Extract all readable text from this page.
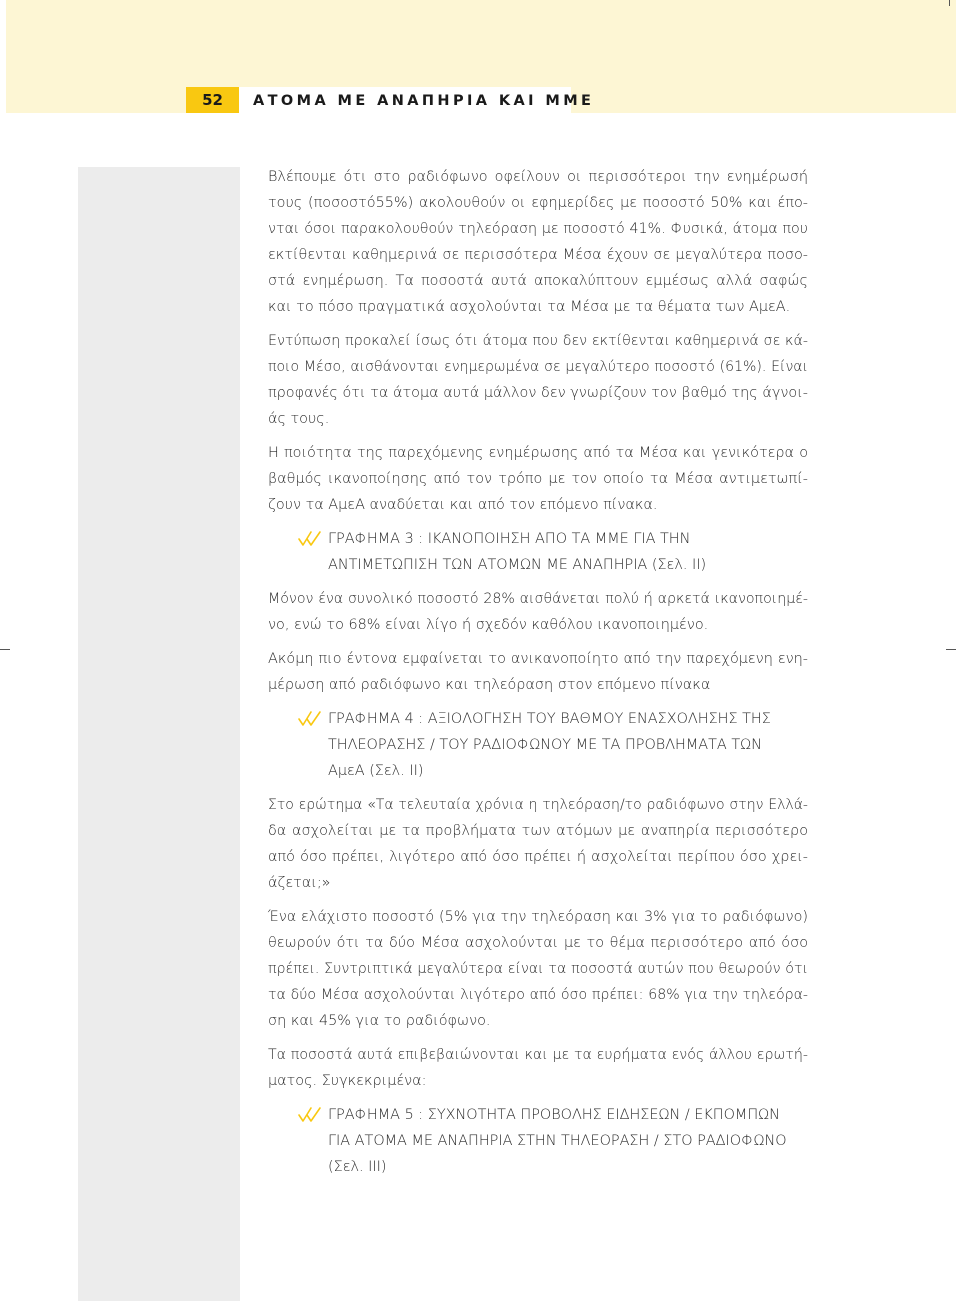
52	ΑΤΟΜΑ ΜΕ ΑΝΑΠΗΡΙΑ ΚΑΙ ΜΜΕ

Βλέπουμε ότι στο ραδιόφωνο οφείλουν οι περισσότεροι την ενημέρωσή
τους (ποσοστό55%) ακολουθούν οι εφημερίδες με ποσοστό 50% και έπο-
νται όσοι παρακολουθούν τηλεόραση με ποσοστό 41%. Φυσικά, άτομα που
εκτίθενται καθημερινά σε περισσότερα Μέσα έχουν σε μεγαλύτερα ποσο-
στά ενημέρωση. Τα ποσοστά αυτά αποκαλύπτουν εμμέσως αλλά σαφώς
και το πόσο πραγματικά ασχολούνται τα Μέσα με τα θέματα των ΑμεΑ.

Εντύπωση προκαλεί ίσως ότι άτομα που δεν εκτίθενται καθημερινά σε κά-
ποιο Μέσο, αισθάνονται ενημερωμένα σε μεγαλύτερο ποσοστό (61%). Είναι
προφανές ότι τα άτομα αυτά μάλλον δεν γνωρίζουν τον βαθμό της άγνοι-
άς τους.

Η ποιότητα της παρεχόμενης ενημέρωσης από τα Μέσα και γενικότερα ο
βαθμός ικανοποίησης από τον τρόπο με τον οποίο τα Μέσα αντιμετωπί-
ζουν τα ΑμεΑ αναδύεται και από τον επόμενο πίνακα.

ΓΡΑΦΗΜΑ 3 : ΙΚΑΝΟΠΟΙΗΣΗ ΑΠΟ ΤΑ ΜΜΕ ΓΙΑ ΤΗΝ
ΑΝΤΙΜΕΤΩΠΙΣΗ ΤΩΝ ΑΤΟΜΩΝ ΜΕ ΑΝΑΠΗΡΙΑ (Σελ. ΙΙ)

Μόνον ένα συνολικό ποσοστό 28% αισθάνεται πολύ ή αρκετά ικανοποιημέ-
νο, ενώ το 68% είναι λίγο ή σχεδόν καθόλου ικανοποιημένο.

Ακόμη πιο έντονα εμφαίνεται το ανικανοποίητο από την παρεχόμενη ενη-
μέρωση από ραδιόφωνο και τηλεόραση στον επόμενο πίνακα

ΓΡΑΦΗΜΑ 4 : ΑΞΙΟΛΟΓΗΣΗ ΤΟΥ ΒΑΘΜΟΥ ΕΝΑΣΧΟΛΗΣΗΣ ΤΗΣ
ΤΗΛΕΟΡΑΣΗΣ / ΤΟΥ ΡΑΔΙΟΦΩΝΟΥ ΜΕ ΤΑ ΠΡΟΒΛΗΜΑΤΑ ΤΩΝ
ΑμεΑ (Σελ. ΙΙ)

Στο ερώτημα «Τα τελευταία χρόνια η τηλεόραση/το ραδιόφωνο στην Ελλά-
δα ασχολείται με τα προβλήματα των ατόμων με αναπηρία περισσότερο
από όσο πρέπει, λιγότερο από όσο πρέπει ή ασχολείται περίπου όσο χρει-
άζεται;»

Ένα ελάχιστο ποσοστό (5% για την τηλεόραση και 3% για το ραδιόφωνο)
θεωρούν ότι τα δύο Μέσα ασχολούνται με το θέμα περισσότερο από όσο
πρέπει. Συντριπτικά μεγαλύτερα είναι τα ποσοστά αυτών που θεωρούν ότι
τα δύο Μέσα ασχολούνται λιγότερο από όσο πρέπει: 68% για την τηλεόρα-
ση και 45% για το ραδιόφωνο.

Τα ποσοστά αυτά επιβεβαιώνονται και με τα ευρήματα ενός άλλου ερωτή-
ματος. Συγκεκριμένα:

ΓΡΑΦΗΜΑ 5 : ΣΥΧΝΟΤΗΤΑ ΠΡΟΒΟΛΗΣ ΕΙΔΗΣΕΩΝ / ΕΚΠΟΜΠΩΝ
ΓΙΑ ΑΤΟΜΑ ΜΕ ΑΝΑΠΗΡΙΑ ΣΤΗΝ ΤΗΛΕΟΡΑΣΗ / ΣΤΟ ΡΑΔΙΟΦΩΝΟ
(Σελ. ΙΙΙ)
